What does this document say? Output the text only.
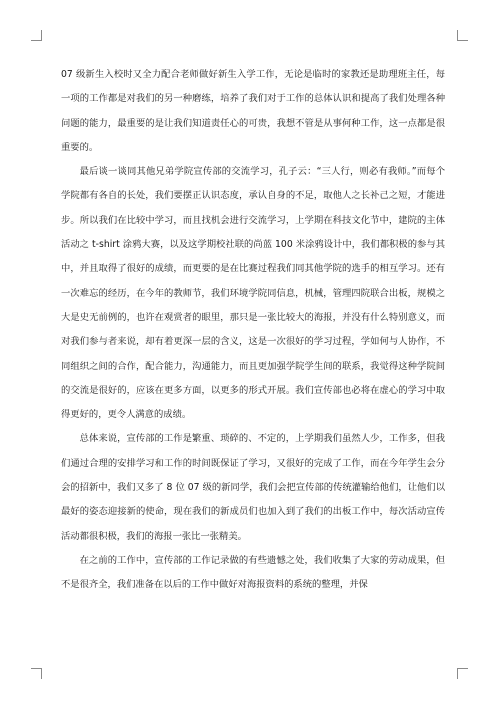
07 级新生入校时又全力配合老师做好新生入学工作，无论是临时的家教还是助理班主任，每一项的工作都是对我们的另一种磨练，培养了我们对于工作的总体认识和提高了我们处理各种问题的能力，最重要的是让我们知道责任心的可贵，我想不管是从事何种工作，这一点都是很重要的。

最后谈一谈同其他兄弟学院宣传部的交流学习，孔子云：“三人行，则必有我师。”而每个学院都有各自的长处，我们要摆正认识态度，承认自身的不足，取他人之长补己之短，才能进步。所以我们在比较中学习，而且找机会进行交流学习，上学期在科技文化节中，建院的主体活动之 t-shirt 涂鸦大赛，以及这学期校社联的尚蓝 100 米涂鸦设计中，我们都积极的参与其中，并且取得了很好的成绩，而更要的是在比赛过程我们同其他学院的选手的相互学习。还有一次难忘的经历，在今年的教师节，我们环境学院同信息，机械，管理四院联合出板，规模之大是史无前例的，也许在观赏者的眼里，那只是一张比较大的海报，并没有什么特别意义，而对我们参与者来说，却有着更深一层的含义，这是一次很好的学习过程，学如何与人协作，不同组织之间的合作，配合能力，沟通能力，而且更加强学院学生间的联系，我觉得这种学院间的交流是很好的，应该在更多方面，以更多的形式开展。我们宣传部也必将在虚心的学习中取得更好的，更令人满意的成绩。

总体来说，宣传部的工作是繁重、琐碎的、不定的，上学期我们虽然人少，工作多，但我们通过合理的安排学习和工作的时间既保证了学习，又很好的完成了工作，而在今年学生会分会的招新中，我们又多了 8 位 07 级的新同学，我们会把宣传部的传统灌输给他们，让他们以最好的姿态迎接新的使命，现在我们的新成员们也加入到了我们的出板工作中，每次活动宣传活动都很积极，我们的海报一张比一张精美。

在之前的工作中，宣传部的工作记录做的有些遗憾之处，我们收集了大家的劳动成果，但不是很齐全，我们准备在以后的工作中做好对海报资料的系统的整理，并保
